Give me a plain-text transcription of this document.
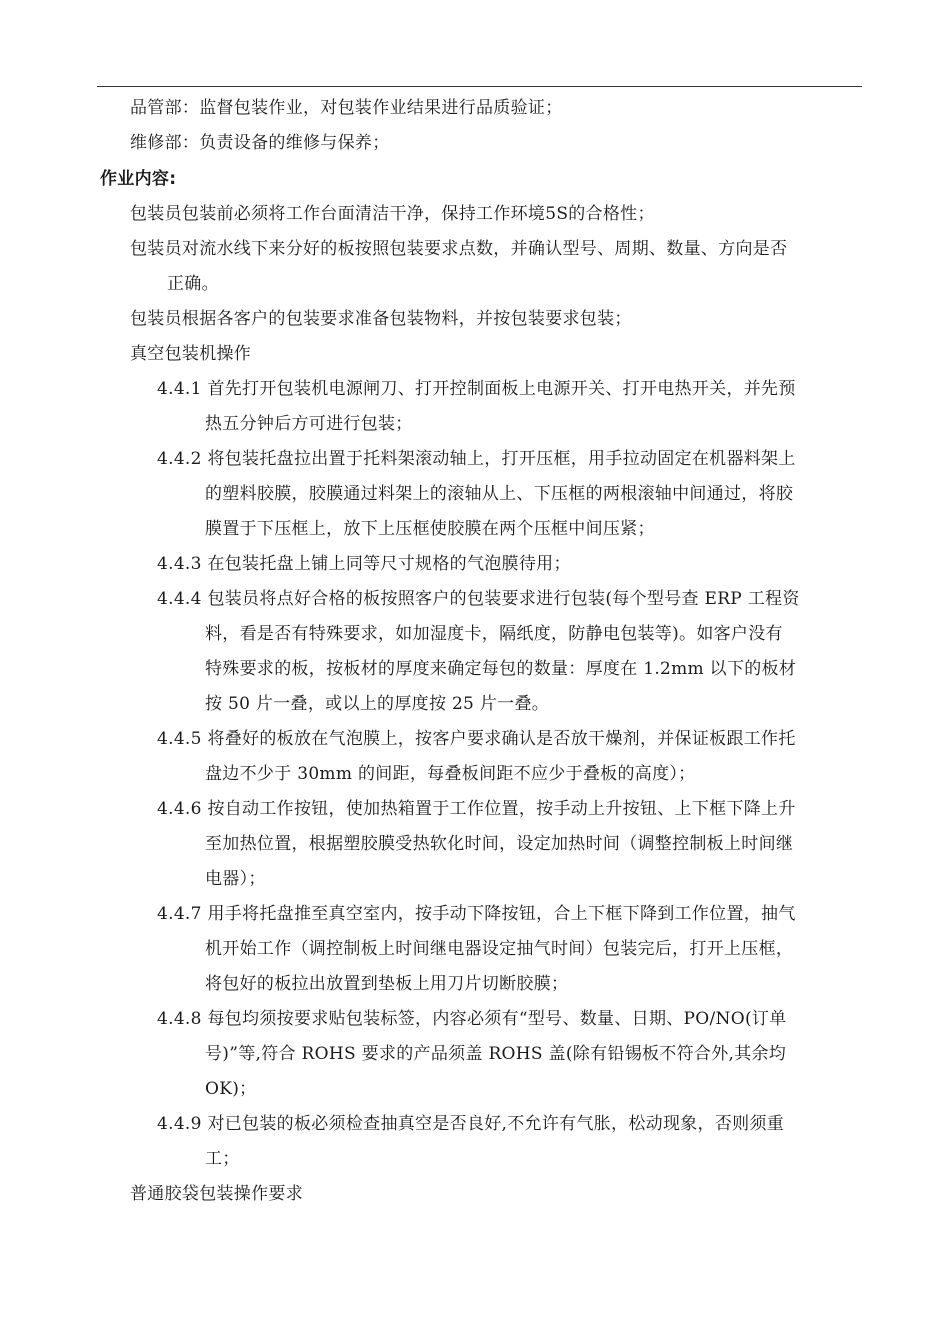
品管部：监督包装作业，对包装作业结果进行品质验证；
维修部：负责设备的维修与保养；
作业内容:
包装员包装前必须将工作台面清洁干净，保持工作环境5S的合格性；
包装员对流水线下来分好的板按照包装要求点数，并确认型号、周期、数量、方向是否
正确。
包装员根据各客户的包装要求准备包装物料，并按包装要求包装；
真空包装机操作
4.4.1 首先打开包装机电源闸刀、打开控制面板上电源开关、打开电热开关，并先预
热五分钟后方可进行包装；
4.4.2 将包装托盘拉出置于托料架滚动轴上，打开压框，用手拉动固定在机器料架上
的塑料胶膜，胶膜通过料架上的滚轴从上、下压框的两根滚轴中间通过，将胶
膜置于下压框上，放下上压框使胶膜在两个压框中间压紧；
4.4.3 在包装托盘上铺上同等尺寸规格的气泡膜待用；
4.4.4 包装员将点好合格的板按照客户的包装要求进行包装(每个型号查 ERP 工程资
料，看是否有特殊要求，如加湿度卡，隔纸度，防静电包装等)。如客户没有
特殊要求的板，按板材的厚度来确定每包的数量：厚度在 1.2mm 以下的板材
按 50 片一叠，或以上的厚度按 25 片一叠。
4.4.5 将叠好的板放在气泡膜上，按客户要求确认是否放干燥剂，并保证板跟工作托
盘边不少于 30mm 的间距，每叠板间距不应少于叠板的高度）；
4.4.6 按自动工作按钮，使加热箱置于工作位置，按手动上升按钮、上下框下降上升
至加热位置，根据塑胶膜受热软化时间，设定加热时间（调整控制板上时间继
电器）；
4.4.7 用手将托盘推至真空室内，按手动下降按钮，合上下框下降到工作位置，抽气
机开始工作（调控制板上时间继电器设定抽气时间）包装完后，打开上压框，
将包好的板拉出放置到垫板上用刀片切断胶膜；
4.4.8 每包均须按要求贴包装标签，内容必须有“型号、数量、日期、PO/NO(订单
号)”等,符合 ROHS 要求的产品须盖 ROHS 盖(除有铅锡板不符合外,其余均
OK)；
4.4.9 对已包装的板必须检查抽真空是否良好,不允许有气胀，松动现象，否则须重
工；
普通胶袋包装操作要求
